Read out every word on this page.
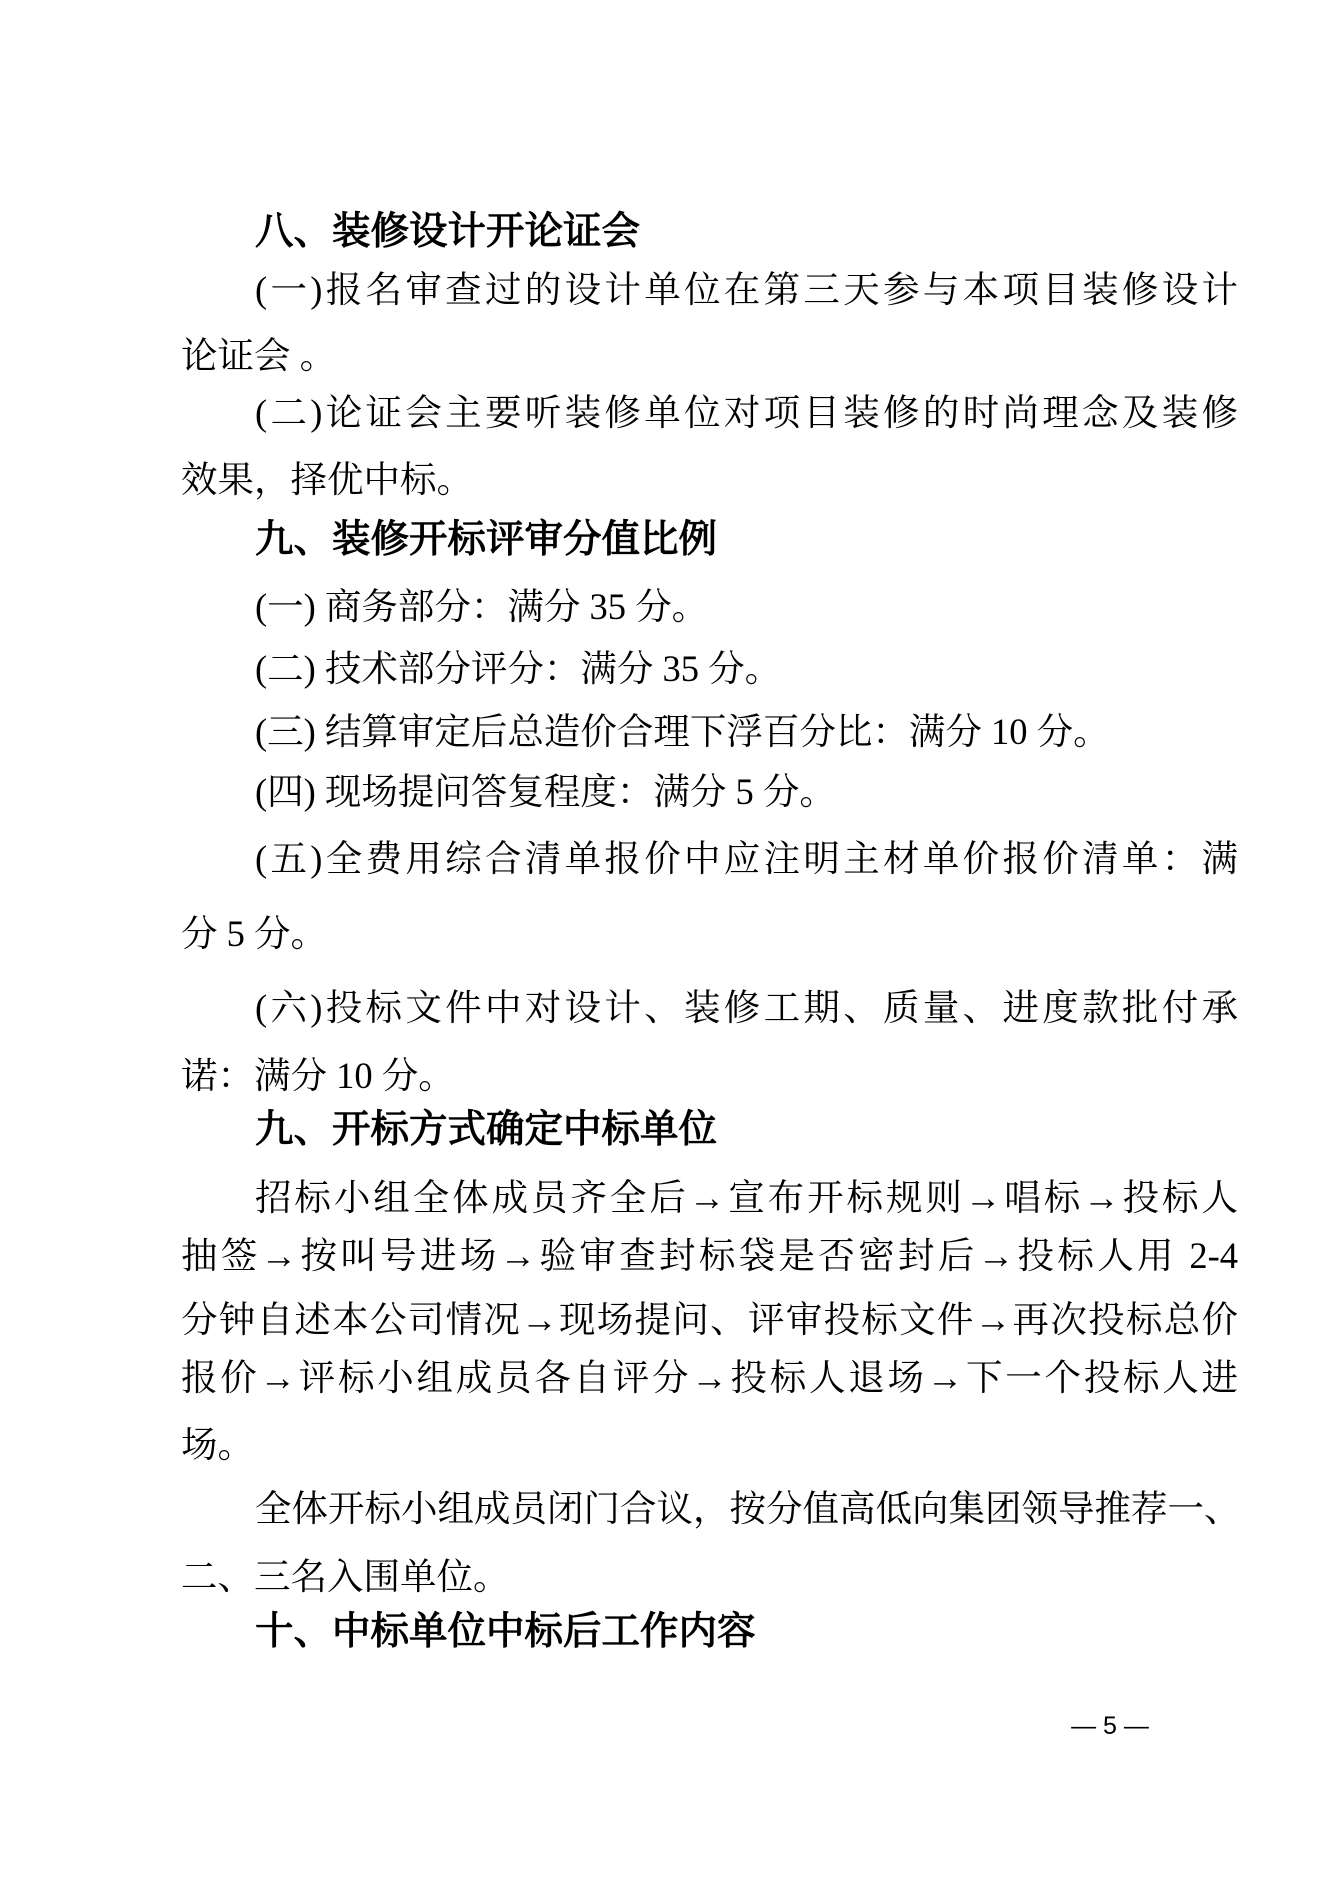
八、装修设计开论证会
(一)报名审查过的设计单位在第三天参与本项目装修设计
论证会 。
(二)论证会主要听装修单位对项目装修的时尚理念及装修
效果，择优中标。
九、装修开标评审分值比例
(一) 商务部分：满分 35 分。
(二) 技术部分评分：满分 35 分。
(三) 结算审定后总造价合理下浮百分比：满分 10 分。
(四) 现场提问答复程度：满分 5 分。
(五)全费用综合清单报价中应注明主材单价报价清单：满
分 5 分。
(六)投标文件中对设计、装修工期、质量、进度款批付承
诺：满分 10 分。
九、开标方式确定中标单位
招标小组全体成员齐全后→宣布开标规则→唱标→投标人
抽签→按叫号进场→验审查封标袋是否密封后→投标人用 2-4
分钟自述本公司情况→现场提问、评审投标文件→再次投标总价
报价→评标小组成员各自评分→投标人退场→下一个投标人进
场。
全体开标小组成员闭门合议，按分值高低向集团领导推荐一、
二、三名入围单位。
十、中标单位中标后工作内容
— 5 —
